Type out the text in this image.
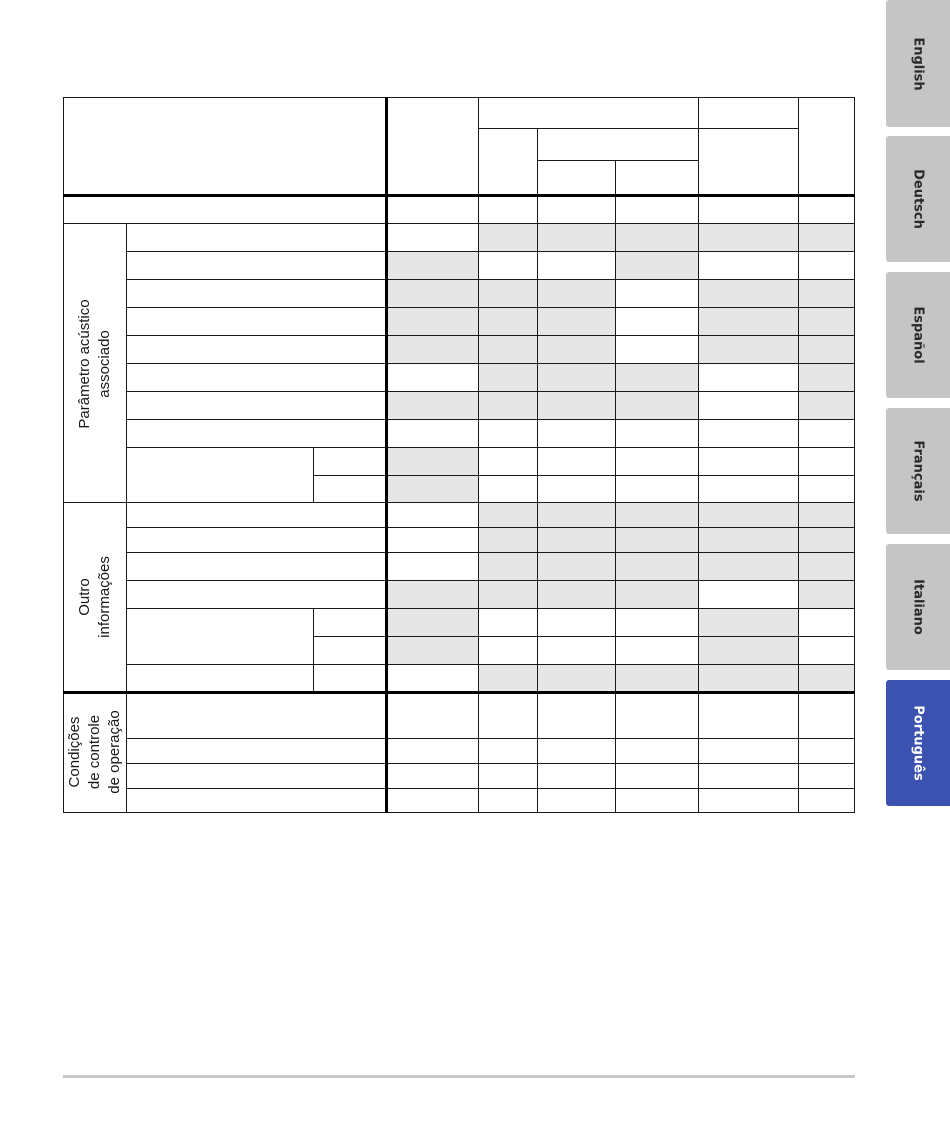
English
Deutsch
Español
Français
Italiano
Português
Parâmetro acústico associado
Outro informações
Condições de controle de operação
